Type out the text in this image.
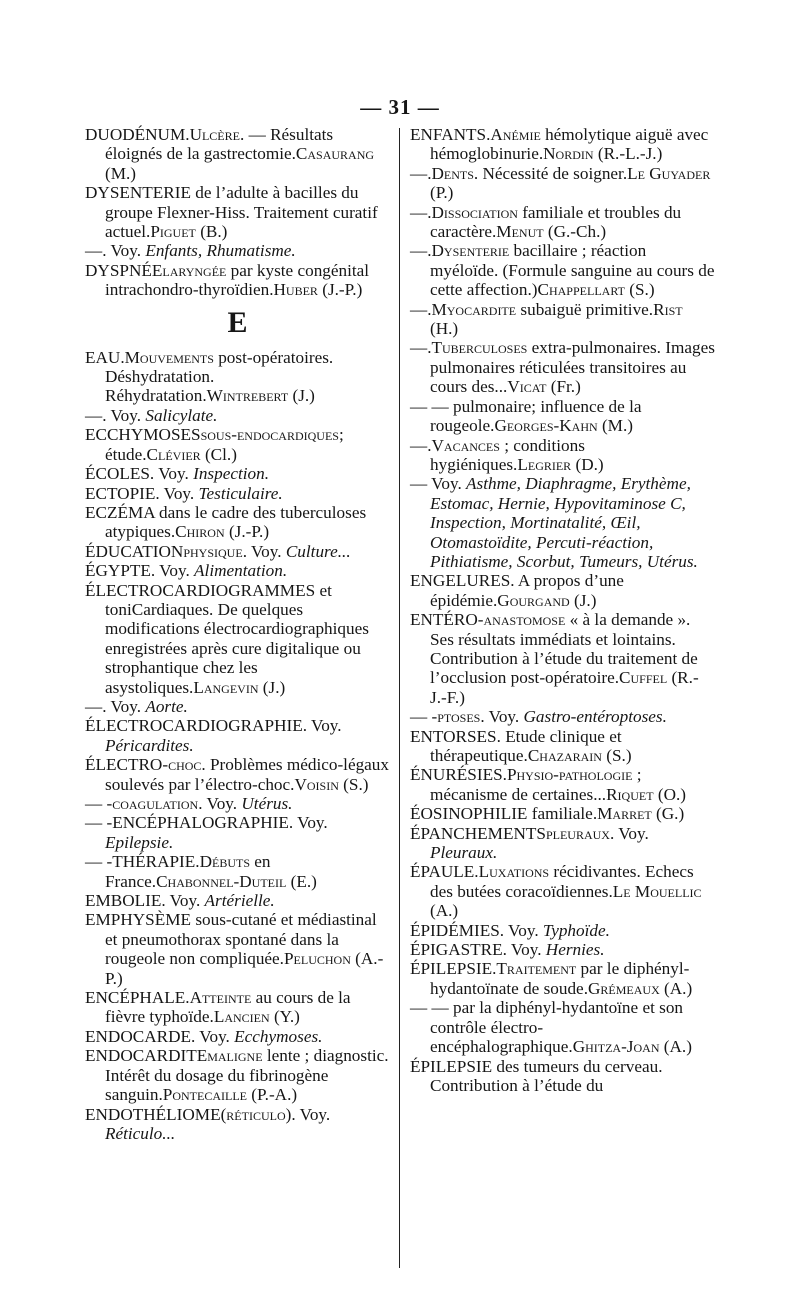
— 31 —

DUODÉNUM.Ulcère. — Résultats éloignés de la gastrectomie.Casaurang (M.)

DYSENTERIE de l’adulte à bacilles du groupe Flexner-Hiss. Traitement curatif actuel.Piguet (B.)

—. Voy. Enfants, Rhumatisme.

DYSPNÉElaryngée par kyste congénital intrachondro-thyroïdien.Huber (J.-P.)

E

EAU.Mouvements post-opératoires. Déshydratation. Réhydratation.Wintrebert (J.)

—. Voy. Salicylate.

ECCHYMOSESsous-endocardiques; étude.Clévier (Cl.)

ÉCOLES. Voy. Inspection.

ECTOPIE. Voy. Testiculaire.

ECZÉMA dans le cadre des tuberculoses atypiques.Chiron (J.-P.)

ÉDUCATIONphysique. Voy. Culture...

ÉGYPTE. Voy. Alimentation.

ÉLECTROCARDIOGRAMMES et toniCardiaques. De quelques modifications électrocardiographiques enregistrées après cure digitalique ou strophantique chez les asystoliques.Langevin (J.)

—. Voy. Aorte.

ÉLECTROCARDIOGRAPHIE. Voy. Péricardites.

ÉLECTRO-choc. Problèmes médico-légaux soulevés par l’électro-choc.Voisin (S.)

— -coagulation. Voy. Utérus.

— -ENCÉPHALOGRAPHIE. Voy. Epilepsie.

— -THÉRAPIE.Débuts en France.Chabonnel-Duteil (E.)

EMBOLIE. Voy. Artérielle.

EMPHYSÈME sous-cutané et médiastinal et pneumothorax spontané dans la rougeole non compliquée.Peluchon (A.-P.)

ENCÉPHALE.Atteinte au cours de la fièvre typhoïde.Lancien (Y.)

ENDOCARDE. Voy. Ecchymoses.

ENDOCARDITEmaligne lente ; diagnostic. Intérêt du dosage du fibrinogène sanguin.Pontecaille (P.-A.)

ENDOTHÉLIOME(réticulo). Voy. Réticulo...

ENFANTS.Anémie hémolytique aiguë avec hémoglobinurie.Nordin (R.-L.-J.)

—.Dents. Nécessité de soigner.Le Guyader (P.)

—.Dissociation familiale et troubles du caractère.Menut (G.-Ch.)

—.Dysenterie bacillaire ; réaction myéloïde. (Formule sanguine au cours de cette affection.)Chappellart (S.)

—.Myocardite subaiguë primitive.Rist (H.)

—.Tuberculoses extra-pulmonaires. Images pulmonaires réticulées transitoires au cours des...Vicat (Fr.)

— — pulmonaire; influence de la rougeole.Georges-Kahn (M.)

—.Vacances ; conditions hygiéniques.Legrier (D.)

— Voy. Asthme, Diaphragme, Erythème, Estomac, Hernie, Hypovitaminose C, Inspection, Mortinatalité, Œil, Otomastoïdite, Percuti-réaction, Pithiatisme, Scorbut, Tumeurs, Utérus.

ENGELURES. A propos d’une épidémie.Gourgand (J.)

ENTÉRO-anastomose « à la demande ». Ses résultats immédiats et lointains. Contribution à l’étude du traitement de l’occlusion post-opératoire.Cuffel (R.-J.-F.)

— -ptoses. Voy. Gastro-entéroptoses.

ENTORSES. Etude clinique et thérapeutique.Chazarain (S.)

ÉNURÉSIES.Physio-pathologie ; mécanisme de certaines...Riquet (O.)

ÉOSINOPHILIE familiale.Marret (G.)

ÉPANCHEMENTSpleuraux. Voy. Pleuraux.

ÉPAULE.Luxations récidivantes. Echecs des butées coracoïdiennes.Le Mouellic (A.)

ÉPIDÉMIES. Voy. Typhoïde.

ÉPIGASTRE. Voy. Hernies.

ÉPILEPSIE.Traitement par le diphényl-hydantoïnate de soude.Grémeaux (A.)

— — par la diphényl-hydantoïne et son contrôle électro-encéphalographique.Ghitza-Joan (A.)

ÉPILEPSIE des tumeurs du cerveau. Contribution à l’étude du
